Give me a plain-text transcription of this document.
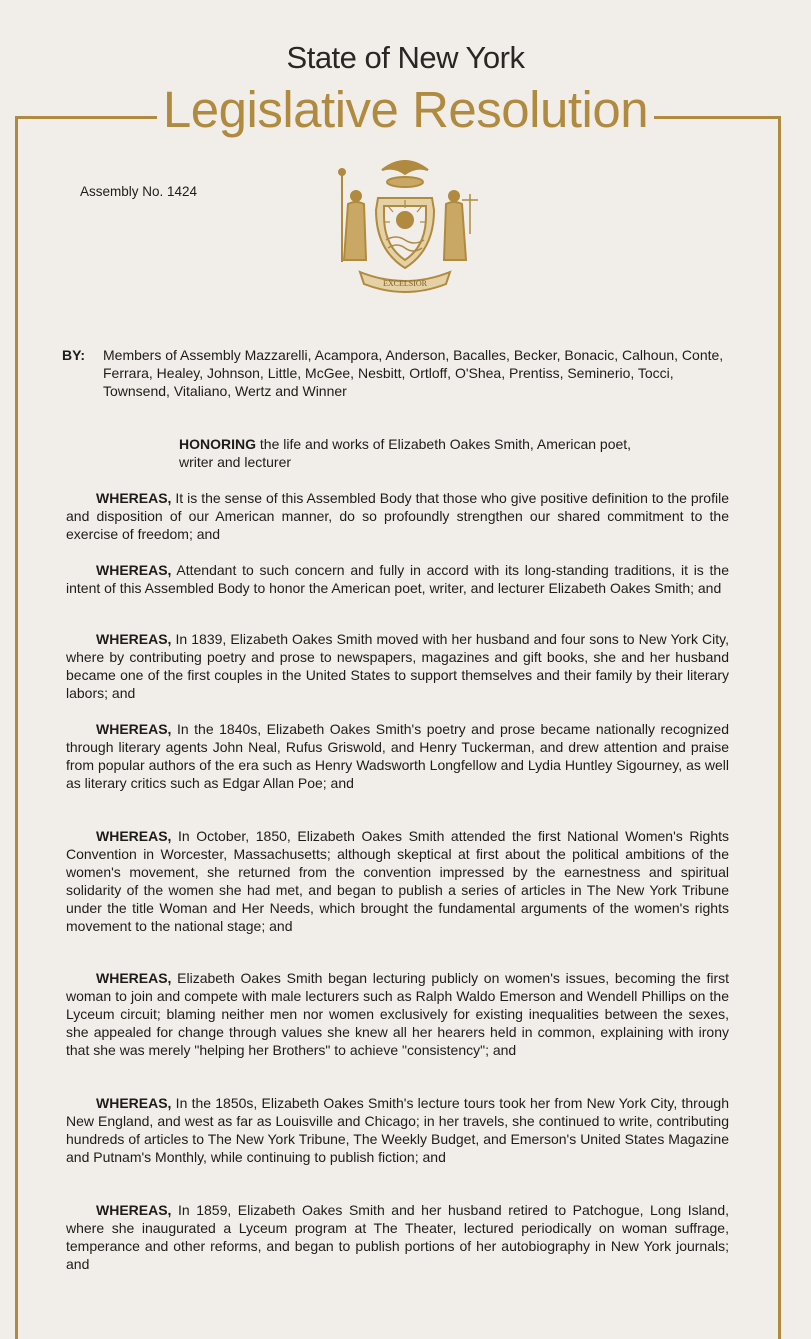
State of New York
Legislative Resolution
Assembly No. 1424
EXCELSIOR
BY: Members of Assembly Mazzarelli, Acampora, Anderson, Bacalles, Becker, Bonacic, Calhoun, Conte, Ferrara, Healey, Johnson, Little, McGee, Nesbitt, Ortloff, O'Shea, Prentiss, Seminerio, Tocci, Townsend, Vitaliano, Wertz and Winner
HONORING the life and works of Elizabeth Oakes Smith, American poet, writer and lecturer
WHEREAS, It is the sense of this Assembled Body that those who give positive definition to the profile and disposition of our American manner, do so profoundly strengthen our shared commitment to the exercise of freedom; and
WHEREAS, Attendant to such concern and fully in accord with its long-standing traditions, it is the intent of this Assembled Body to honor the American poet, writer, and lecturer Elizabeth Oakes Smith; and
WHEREAS, In 1839, Elizabeth Oakes Smith moved with her husband and four sons to New York City, where by contributing poetry and prose to newspapers, magazines and gift books, she and her husband became one of the first couples in the United States to support themselves and their family by their literary labors; and
WHEREAS, In the 1840s, Elizabeth Oakes Smith's poetry and prose became nationally recognized through literary agents John Neal, Rufus Griswold, and Henry Tuckerman, and drew attention and praise from popular authors of the era such as Henry Wadsworth Longfellow and Lydia Huntley Sigourney, as well as literary critics such as Edgar Allan Poe; and
WHEREAS, In October, 1850, Elizabeth Oakes Smith attended the first National Women's Rights Convention in Worcester, Massachusetts; although skeptical at first about the political ambitions of the women's movement, she returned from the convention impressed by the earnestness and spiritual solidarity of the women she had met, and began to publish a series of articles in The New York Tribune under the title Woman and Her Needs, which brought the fundamental arguments of the women's rights movement to the national stage; and
WHEREAS, Elizabeth Oakes Smith began lecturing publicly on women's issues, becoming the first woman to join and compete with male lecturers such as Ralph Waldo Emerson and Wendell Phillips on the Lyceum circuit; blaming neither men nor women exclusively for existing inequalities between the sexes, she appealed for change through values she knew all her hearers held in common, explaining with irony that she was merely "helping her Brothers" to achieve "consistency"; and
WHEREAS, In the 1850s, Elizabeth Oakes Smith's lecture tours took her from New York City, through New England, and west as far as Louisville and Chicago; in her travels, she continued to write, contributing hundreds of articles to The New York Tribune, The Weekly Budget, and Emerson's United States Magazine and Putnam's Monthly, while continuing to publish fiction; and
WHEREAS, In 1859, Elizabeth Oakes Smith and her husband retired to Patchogue, Long Island, where she inaugurated a Lyceum program at The Theater, lectured periodically on woman suffrage, temperance and other reforms, and began to publish portions of her autobiography in New York journals; and
